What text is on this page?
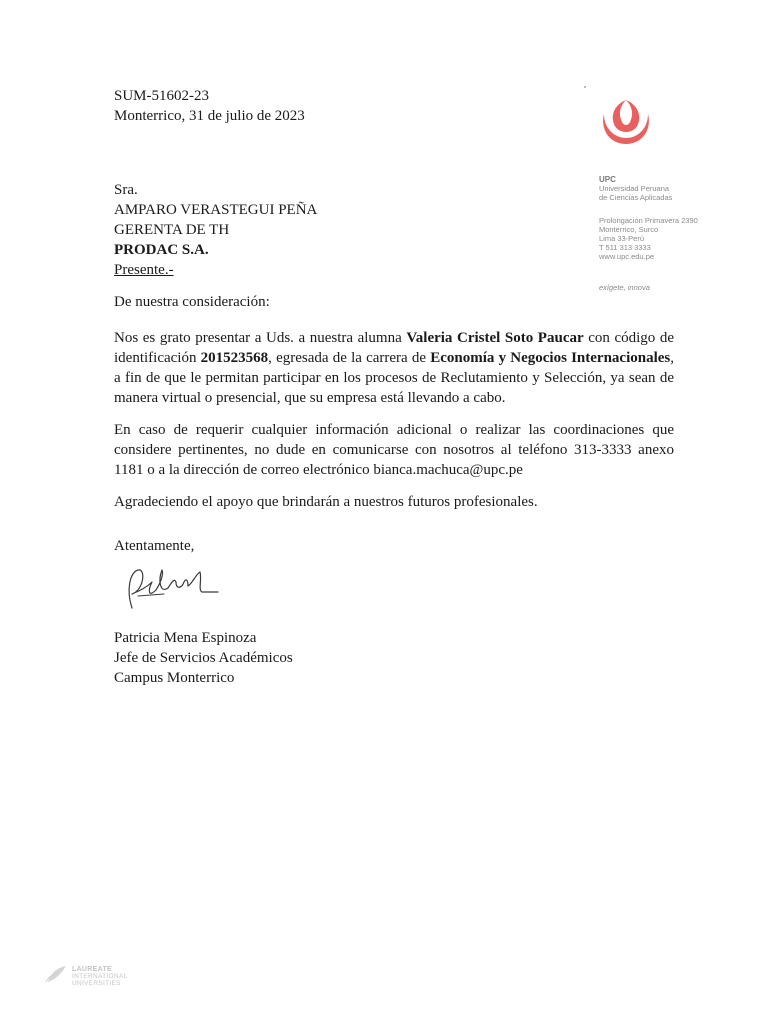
SUM-51602-23
Monterrico, 31 de julio de 2023
Sra.
AMPARO VERASTEGUI PEÑA
GERENTA DE TH
PRODAC S.A.
Presente.-
De nuestra consideración:

Nos es grato presentar a Uds. a nuestra alumna Valeria Cristel Soto Paucar con código de identificación 201523568, egresada de la carrera de Economía y Negocios Internacionales, a fin de que le permitan participar en los procesos de Reclutamiento y Selección, ya sean de manera virtual o presencial, que su empresa está llevando a cabo.

En caso de requerir cualquier información adicional o realizar las coordinaciones que considere pertinentes, no dude en comunicarse con nosotros al teléfono 313-3333 anexo 1181 o a la dirección de correo electrónico bianca.machuca@upc.pe

Agradeciendo el apoyo que brindarán a nuestros futuros profesionales.

Atentamente,
Patricia Mena Espinoza
Jefe de Servicios Académicos
Campus Monterrico
UPC
Universidad Peruana
de Ciencias Aplicadas
Prolongación Primavera 2390
Monterrico, Surco
Lima 33-Perú
T 511 313 3333
www.upc.edu.pe
exígete, innova
LAUREATE
INTERNATIONAL
UNIVERSITIES
